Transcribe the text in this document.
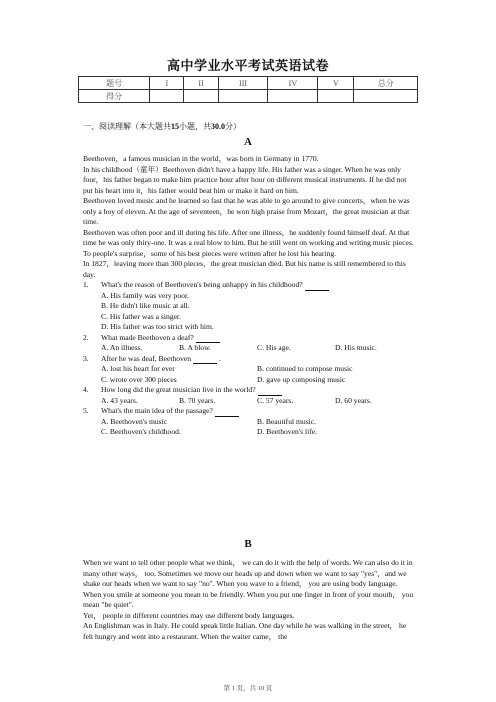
高中学业水平考试英语试卷
题号	I	II	III	IV	V	总分
得分						
一、阅读理解（本大题共15小题，共30.0分）
A

Beethoven，a famous musician in the world，was born in Germany in 1770.

In his childhood（童年）Beethoven didn't have a happy life. His father was a singer. When he was only four，his father began to make him practice hour after hour on different musical instruments. If he did not put his heart into it，his father would beat him or make it hard on him.

Beethoven loved music and he learned so fast that he was able to go around to give concerts，when he was only a boy of eleven. At the age of seventeen，he won high praise from Mozart，the great musician at that time.

Beethoven was often poor and ill during his life. After one illness，he suddenly found himself deaf. At that time he was only thiry-one. It was a real blow to him. But he still went on working and writing music pieces. To people's surprise，some of his best pieces were written after he lost his hearing.

In 1827，leaving more than 300 pieces，the great musician died. But his name is still remembered to this day.

1. What's the reason of Beethoven's being unhappy in his childhood?
A. His family was very poor.
B. He didn't like music at all.
C. His father was a singer.
D. His father was too strict with him.
2. What made Beethoven a deaf?
A. An illness.	B. A blow.	C. His age.	D. His music.
3. After he was deaf, Beethoven	.
A. lost his heart for ever	B. continued to compose music
C. wrote over 300 pieces	D. gave up composing music
4. How long did the great musician live in the world?
A. 43 years.	B. 70 years.	C. 57 years.	D. 60 years.
5. What's the main idea of the passage?
A. Beethoven's music	B. Beautiful music.
C. Beethoven's childhood.	D. Beethoven's life.
B

When we want to tell other people what we think， we can do it with the help of words. We can also do it in many other ways， too. Sometimes we move our heads up and down when we want to say "yes"，and we shake our heads when we want to say "no". When you wave to a friend， you are using body language. When you smile at someone you mean to be friendly. When you put one finger in front of your mouth， you mean "be quiet".

Yet， people in different countries may use different body languages.

An Englishman was in Italy. He could speak little Italian. One day while he was walking in the street， he felt hungry and went into a restaurant. When the waiter came， the

第 1 页，共 10 页
